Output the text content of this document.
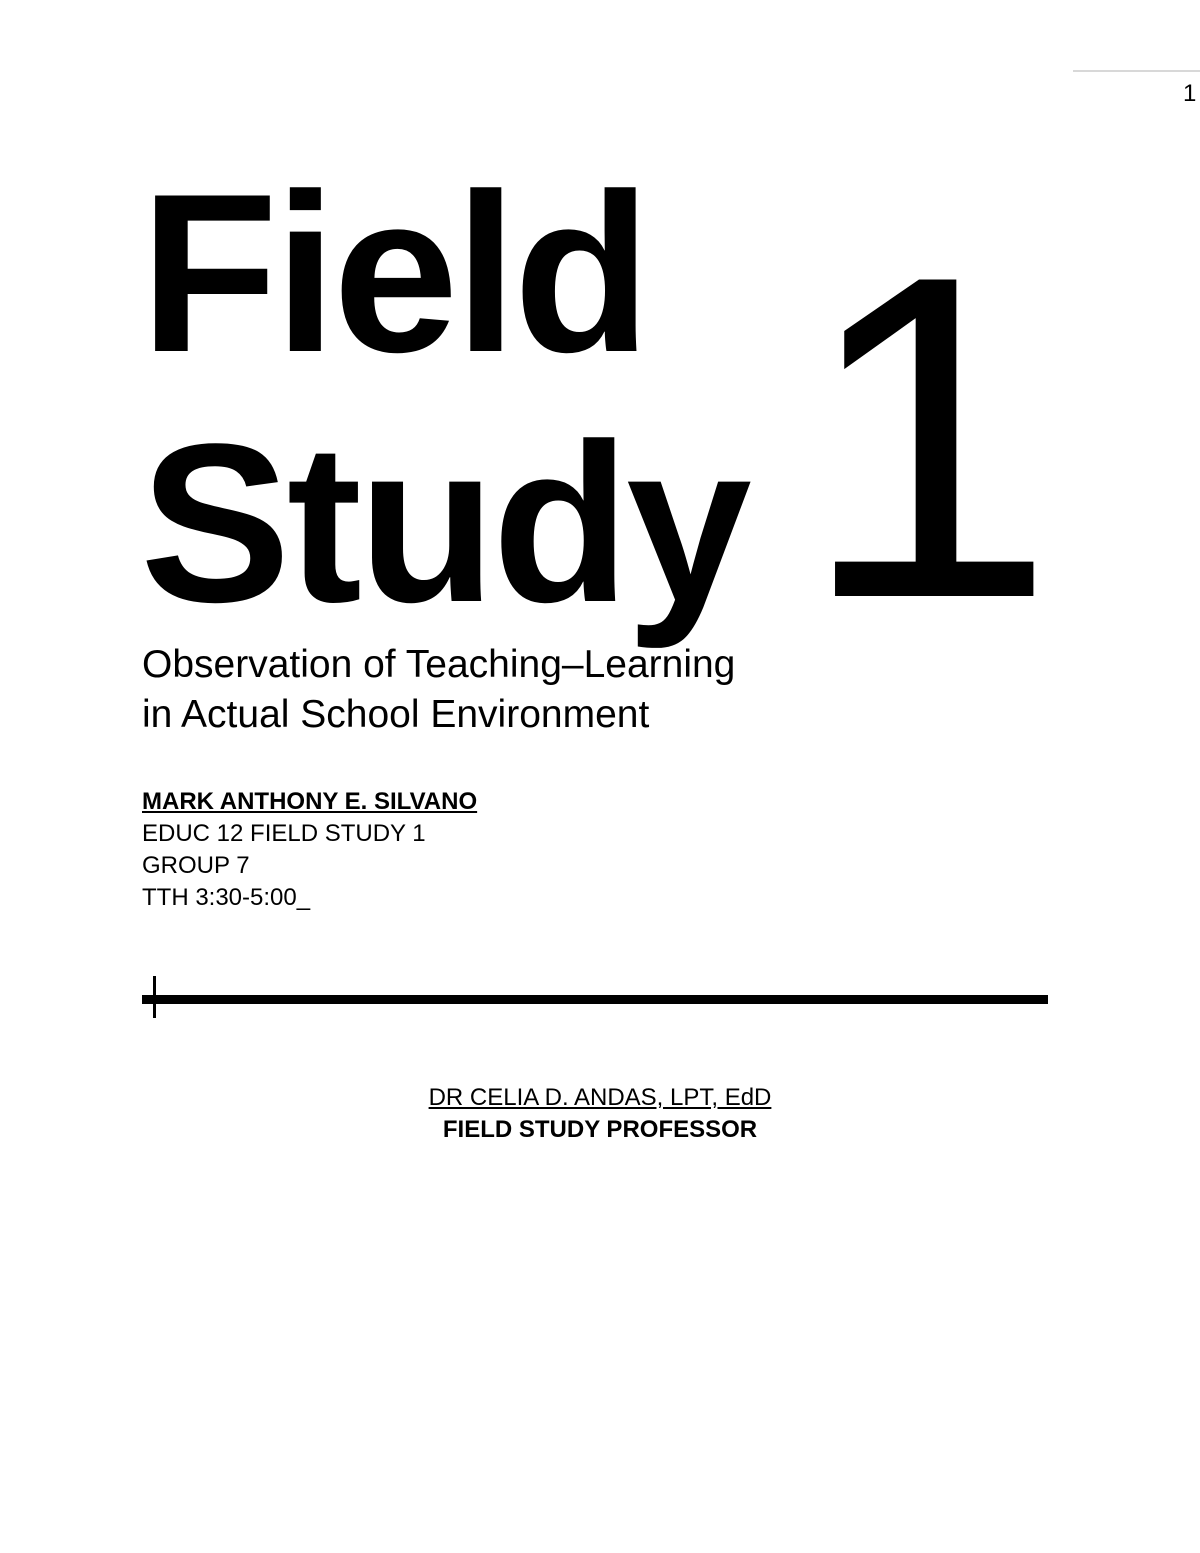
1
Field
Study 1
Observation of Teaching–Learning
in Actual School Environment
MARK ANTHONY E. SILVANO
EDUC 12 FIELD STUDY 1
GROUP 7
TTH 3:30-5:00_
DR CELIA D. ANDAS, LPT, EdD
FIELD STUDY PROFESSOR
